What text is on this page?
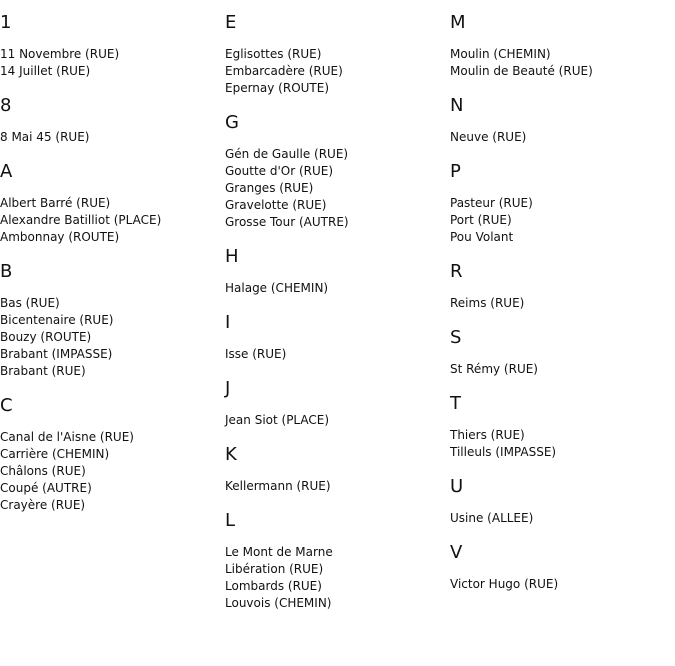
1
11 Novembre (RUE)
14 Juillet (RUE)
8
8 Mai 45 (RUE)
A
Albert Barré (RUE)
Alexandre Batilliot (PLACE)
Ambonnay (ROUTE)
B
Bas (RUE)
Bicentenaire (RUE)
Bouzy (ROUTE)
Brabant (IMPASSE)
Brabant (RUE)
C
Canal de l'Aisne (RUE)
Carrière (CHEMIN)
Châlons (RUE)
Coupé (AUTRE)
Crayère (RUE)
E
Eglisottes (RUE)
Embarcadère (RUE)
Epernay (ROUTE)
G
Gén de Gaulle (RUE)
Goutte d'Or (RUE)
Granges (RUE)
Gravelotte (RUE)
Grosse Tour (AUTRE)
H
Halage (CHEMIN)
I
Isse (RUE)
J
Jean Siot (PLACE)
K
Kellermann (RUE)
L
Le Mont de Marne
Libération (RUE)
Lombards (RUE)
Louvois (CHEMIN)
M
Moulin (CHEMIN)
Moulin de Beauté (RUE)
N
Neuve (RUE)
P
Pasteur (RUE)
Port (RUE)
Pou Volant
R
Reims (RUE)
S
St Rémy (RUE)
T
Thiers (RUE)
Tilleuls (IMPASSE)
U
Usine (ALLEE)
V
Victor Hugo (RUE)
